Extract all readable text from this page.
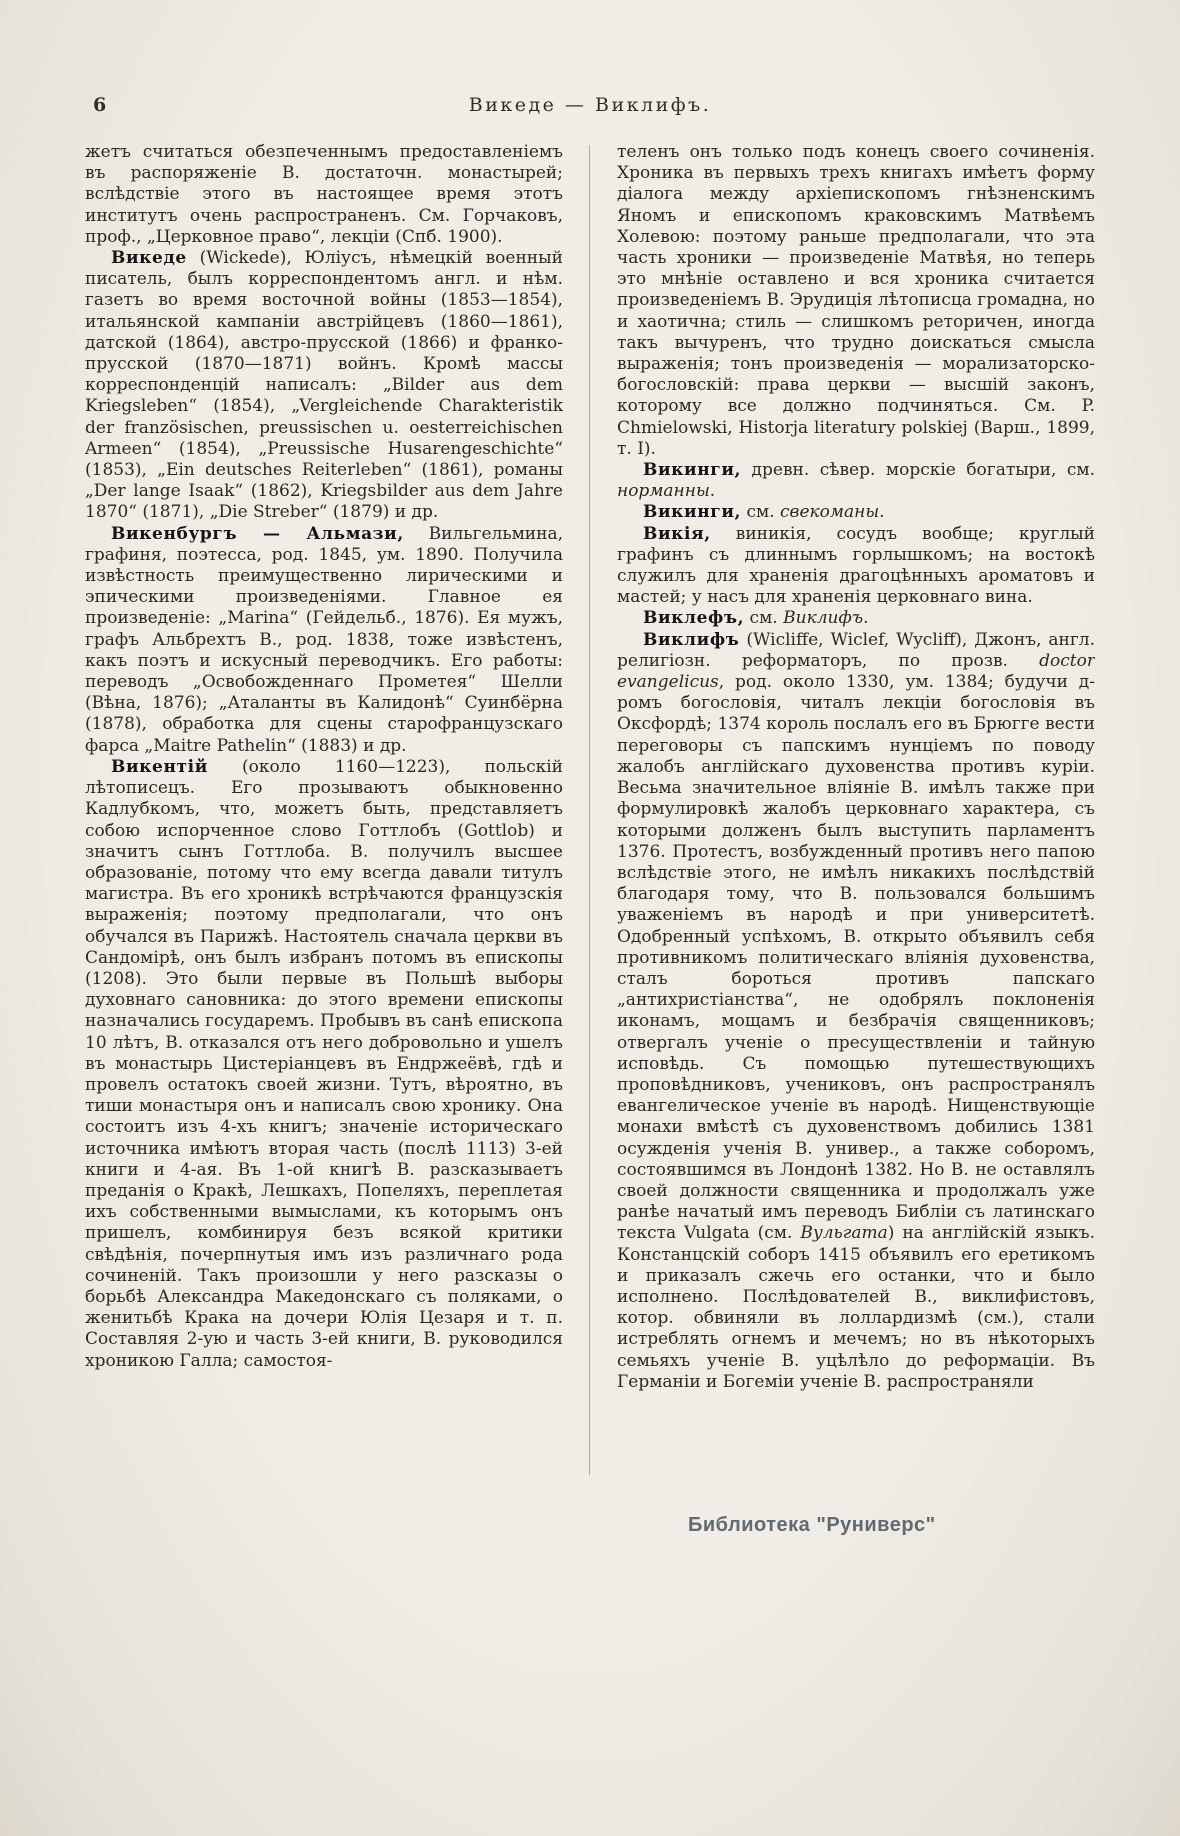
6	Викеде — Виклифъ.

жетъ считаться обезпеченнымъ предоставленіемъ въ распоряженіе В. достаточн. монастырей; вслѣдствіе этого въ настоящее время этотъ институтъ очень распространенъ. См. Горчаковъ, проф., „Церковное право“, лекціи (Спб. 1900).

Викеде (Wickede), Юліусъ, нѣмецкій военный писатель, былъ корреспондентомъ англ. и нѣм. газетъ во время восточной войны (1853—1854), итальянской кампаніи австрійцевъ (1860—1861), датской (1864), австро-прусской (1866) и франко-прусской (1870—1871) войнъ. Кромѣ массы корреспонденцій написалъ: „Bilder aus dem Kriegsleben“ (1854), „Vergleichende Charakteristik der französischen, preussischen u. oesterreichischen Armeen“ (1854), „Preussische Husarengeschichte“ (1853), „Ein deutsches Reiterleben“ (1861), романы „Der lange Isaak“ (1862), Kriegsbilder aus dem Jahre 1870“ (1871), „Die Streber“ (1879) и др.

Викенбургъ — Альмази, Вильгельмина, графиня, поэтесса, род. 1845, ум. 1890. Получила извѣстность преимущественно лирическими и эпическими произведеніями. Главное ея произведеніе: „Marina“ (Гейдельб., 1876). Ея мужъ, графъ Альбрехтъ В., род. 1838, тоже извѣстенъ, какъ поэтъ и искусный переводчикъ. Его работы: переводъ „Освобожденнаго Прометея“ Шелли (Вѣна, 1876); „Аталанты въ Калидонѣ“ Суинбёрна (1878), обработка для сцены старофранцузскаго фарса „Maitre Pathelin“ (1883) и др.

Викентій (около 1160—1223), польскій лѣтописецъ. Его прозываютъ обыкновенно Кадлубкомъ, что, можетъ быть, представляетъ собою испорченное слово Готтлобъ (Gottlob) и значитъ сынъ Готтлоба. В. получилъ высшее образованіе, потому что ему всегда давали титулъ магистра. Въ его хроникѣ встрѣчаются французскія выраженія; поэтому предполагали, что онъ обучался въ Парижѣ. Настоятель сначала церкви въ Сандомірѣ, онъ былъ избранъ потомъ въ епископы (1208). Это были первые въ Польшѣ выборы духовнаго сановника: до этого времени епископы назначались государемъ. Пробывъ въ санѣ епископа 10 лѣтъ, В. отказался отъ него добровольно и ушелъ въ монастырь Цистеріанцевъ въ Ендржеёвѣ, гдѣ и провелъ остатокъ своей жизни. Тутъ, вѣроятно, въ тиши монастыря онъ и написалъ свою хронику. Она состоитъ изъ 4-хъ книгъ; значеніе историческаго источника имѣютъ вторая часть (послѣ 1113) 3-ей книги и 4-ая. Въ 1-ой книгѣ В. разсказываетъ преданія о Кракѣ, Лешкахъ, Попеляхъ, переплетая ихъ собственными вымыслами, къ которымъ онъ пришелъ, комбинируя безъ всякой критики свѣдѣнія, почерпнутыя имъ изъ различнаго рода сочиненій. Такъ произошли у него разсказы о борьбѣ Александра Македонскаго съ поляками, о женитьбѣ Крака на дочери Юлія Цезаря и т. п. Составляя 2-ую и часть 3-ей книги, В. руководился хроникою Галла; самостоя-

теленъ онъ только подъ конецъ своего сочиненія. Хроника въ первыхъ трехъ книгахъ имѣетъ форму діалога между архіепископомъ гнѣзненскимъ Яномъ и епископомъ краковскимъ Матвѣемъ Холевою: поэтому раньше предполагали, что эта часть хроники — произведеніе Матвѣя, но теперь это мнѣніе оставлено и вся хроника считается произведеніемъ В. Эрудиція лѣтописца громадна, но и хаотична; стиль — слишкомъ реторичен, иногда такъ вычуренъ, что трудно доискаться смысла выраженія; тонъ произведенія — морализаторско-богословскій: права церкви — высшій законъ, которому все должно подчиняться. См. P. Chmielowski, Historja literatury polskiej (Варш., 1899, т. I).

Викинги, древн. сѣвер. морскіе богатыри, см. норманны.

Викинги, см. свекоманы.

Викія, виникія, сосудъ вообще; круглый графинъ съ длиннымъ горлышкомъ; на востокѣ служилъ для храненія драгоцѣнныхъ ароматовъ и мастей; у насъ для храненія церковнаго вина.

Виклефъ, см. Виклифъ.

Виклифъ (Wicliffe, Wiclef, Wycliff), Джонъ, англ. религіозн. реформаторъ, по прозв. doctor evangelicus, род. около 1330, ум. 1384; будучи д-ромъ богословія, читалъ лекціи богословія въ Оксфордѣ; 1374 король послалъ его въ Брюгге вести переговоры съ папскимъ нунціемъ по поводу жалобъ англійскаго духовенства противъ куріи. Весьма значительное вліяніе В. имѣлъ также при формулировкѣ жалобъ церковнаго характера, съ которыми долженъ былъ выступить парламентъ 1376. Протестъ, возбужденный противъ него папою вслѣдствіе этого, не имѣлъ никакихъ послѣдствій благодаря тому, что В. пользовался большимъ уваженіемъ въ народѣ и при университетѣ. Одобренный успѣхомъ, В. открыто объявилъ себя противникомъ политическаго вліянія духовенства, сталъ бороться противъ папскаго „антихристіанства“, не одобрялъ поклоненія иконамъ, мощамъ и безбрачія священниковъ; отвергалъ ученіе о пресуществленіи и тайную исповѣдь. Съ помощью путешествующихъ проповѣдниковъ, учениковъ, онъ распространялъ евангелическое ученіе въ народѣ. Нищенствующіе монахи вмѣстѣ съ духовенствомъ добились 1381 осужденія ученія В. универ., а также соборомъ, состоявшимся въ Лондонѣ 1382. Но В. не оставлялъ своей должности священника и продолжалъ уже ранѣе начатый имъ переводъ Библіи съ латинскаго текста Vulgata (см. Вульгата) на англійскій языкъ. Констанцскій соборъ 1415 объявилъ его еретикомъ и приказалъ сжечь его останки, что и было исполнено. Послѣдователей В., виклифистовъ, котор. обвиняли въ лоллардизмѣ (см.), стали истреблять огнемъ и мечемъ; но въ нѣкоторыхъ семьяхъ ученіе В. уцѣлѣло до реформаціи. Въ Германіи и Богеміи ученіе В. распространяли

Библиотека "Руниверс"
